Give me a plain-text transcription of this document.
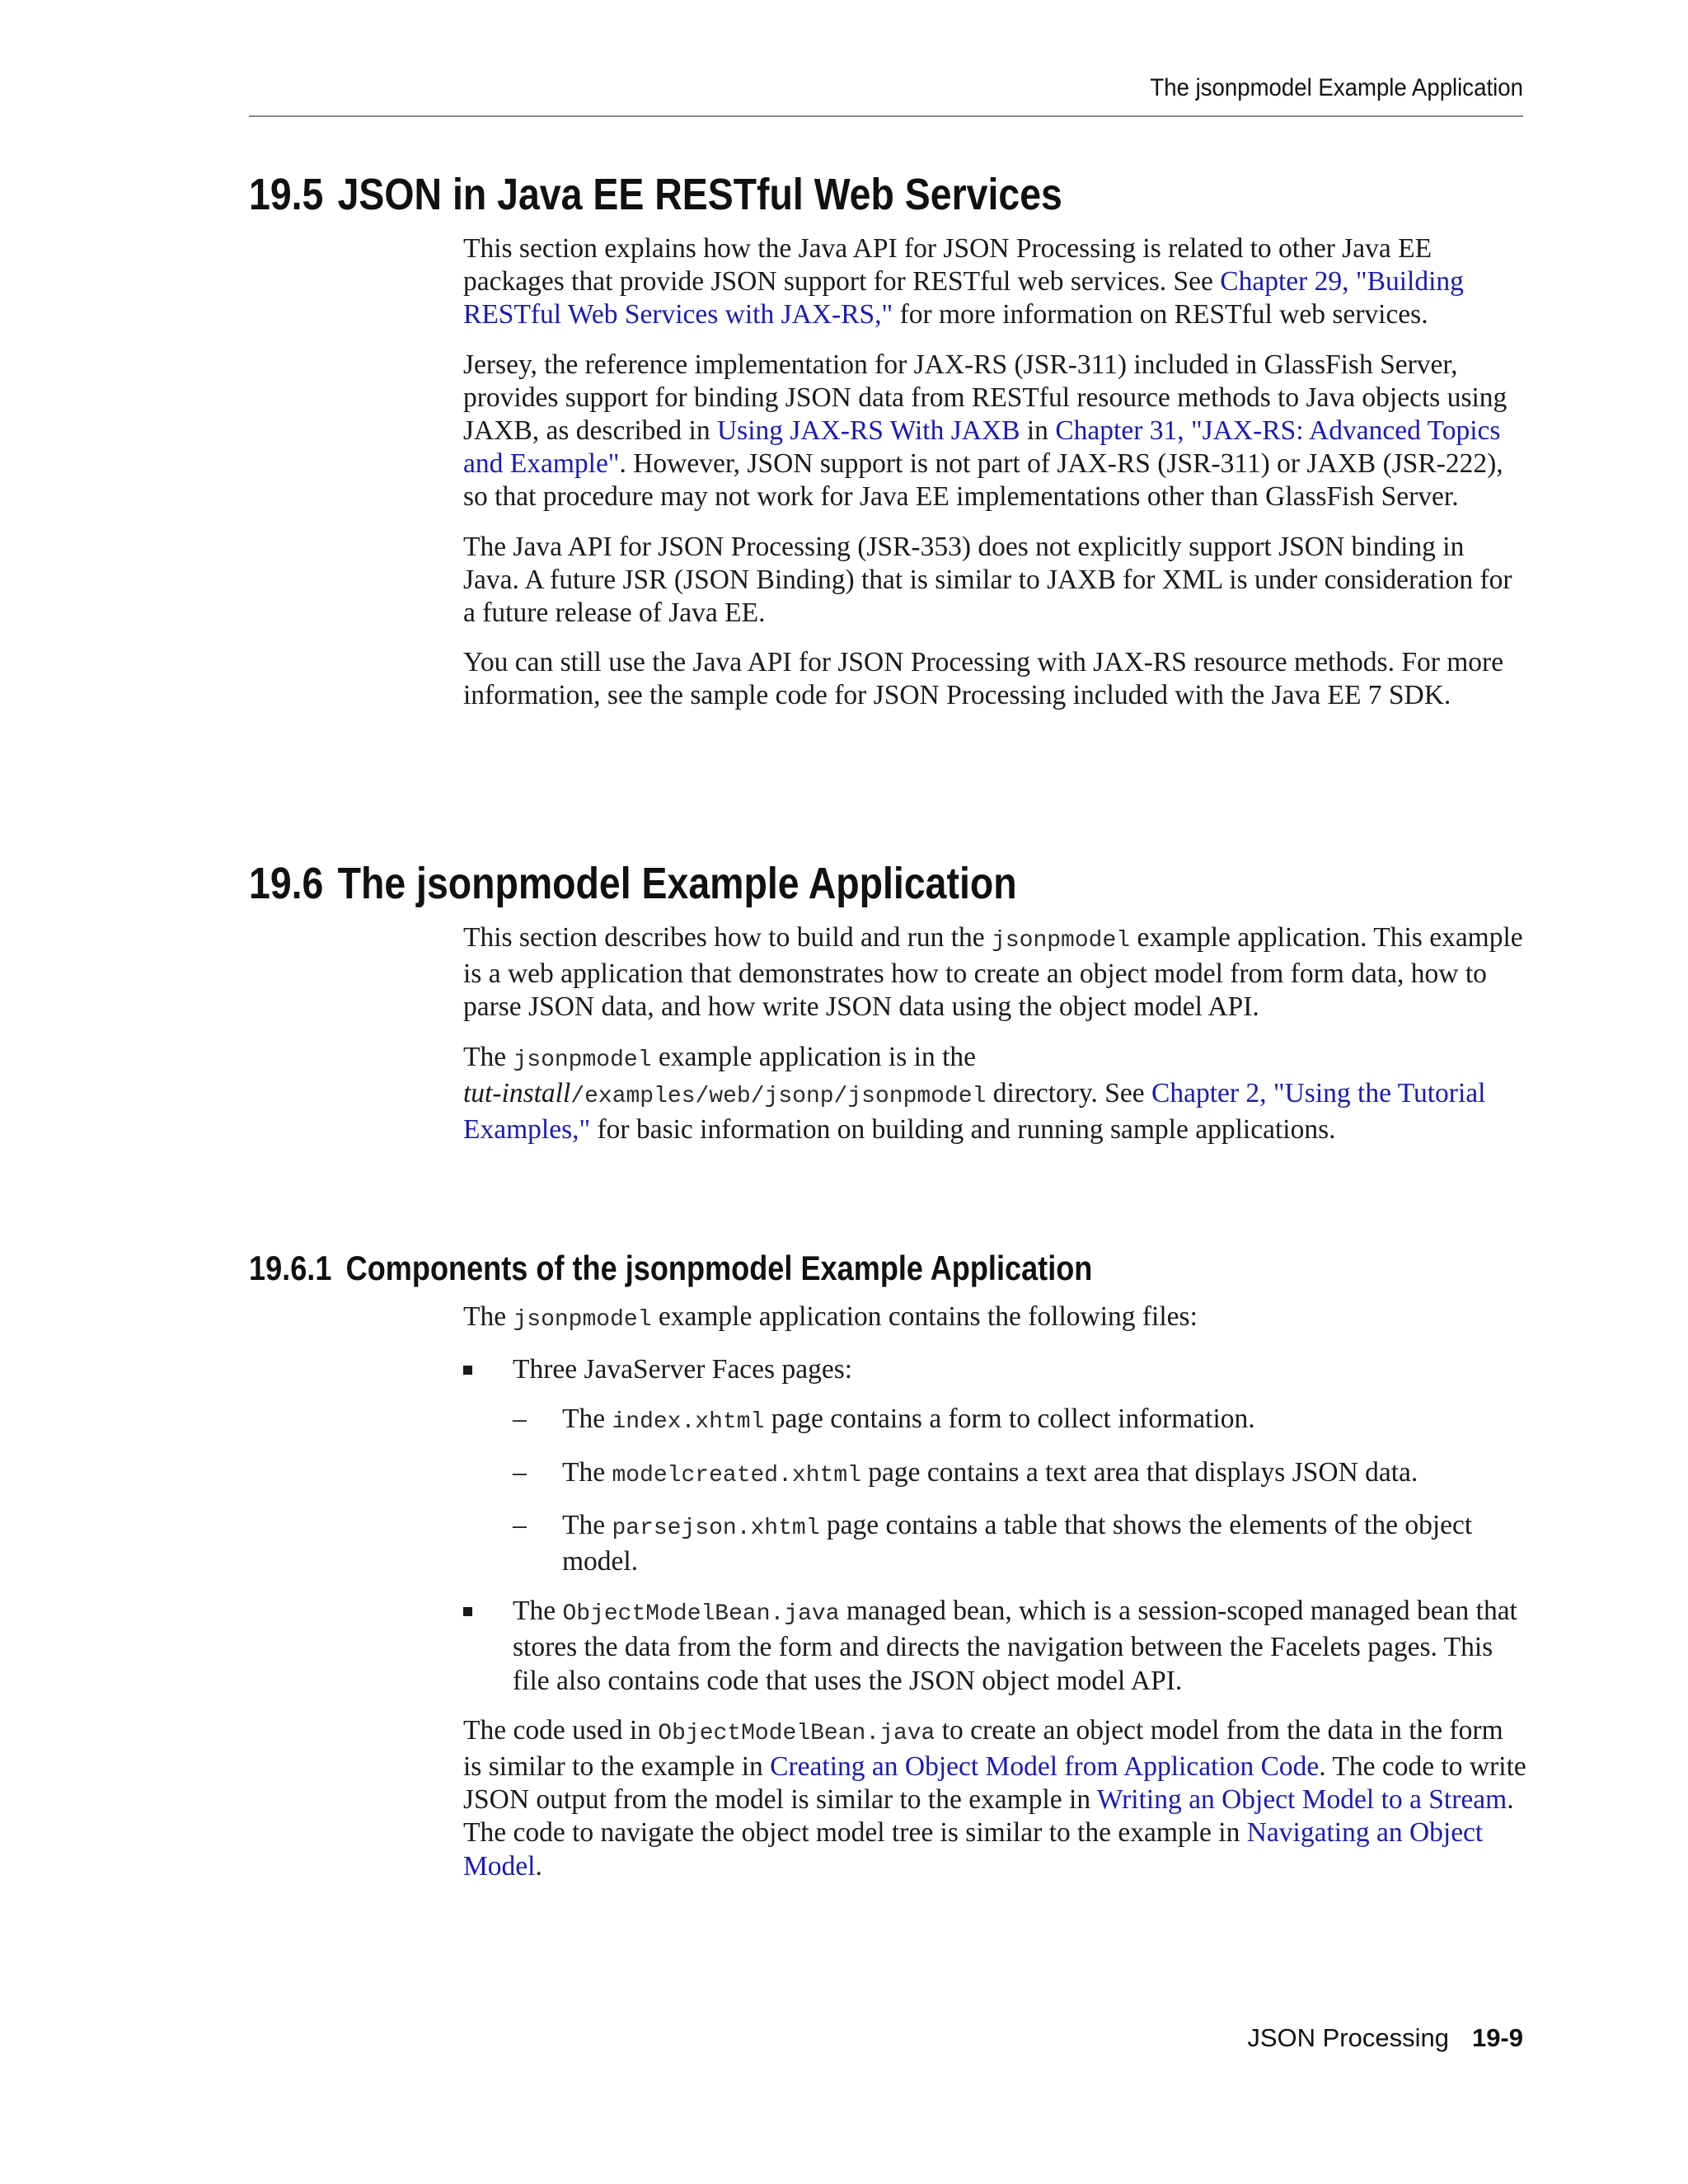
The jsonpmodel Example Application
19.5 JSON in Java EE RESTful Web Services

This section explains how the Java API for JSON Processing is related to other Java EE packages that provide JSON support for RESTful web services. See Chapter 29, "Building RESTful Web Services with JAX-RS," for more information on RESTful web services.

Jersey, the reference implementation for JAX-RS (JSR-311) included in GlassFish Server, provides support for binding JSON data from RESTful resource methods to Java objects using JAXB, as described in Using JAX-RS With JAXB in Chapter 31, "JAX-RS: Advanced Topics and Example". However, JSON support is not part of JAX-RS (JSR-311) or JAXB (JSR-222), so that procedure may not work for Java EE implementations other than GlassFish Server.

The Java API for JSON Processing (JSR-353) does not explicitly support JSON binding in Java. A future JSR (JSON Binding) that is similar to JAXB for XML is under consideration for a future release of Java EE.

You can still use the Java API for JSON Processing with JAX-RS resource methods. For more information, see the sample code for JSON Processing included with the Java EE 7 SDK.

19.6 The jsonpmodel Example Application

This section describes how to build and run the jsonpmodel example application. This example is a web application that demonstrates how to create an object model from form data, how to parse JSON data, and how write JSON data using the object model API.

The jsonpmodel example application is in the
tut-install/examples/web/jsonp/jsonpmodel directory. See Chapter 2, "Using the Tutorial Examples," for basic information on building and running sample applications.

19.6.1 Components of the jsonpmodel Example Application

The jsonpmodel example application contains the following files:

Three JavaServer Faces pages:
– The index.xhtml page contains a form to collect information.
– The modelcreated.xhtml page contains a text area that displays JSON data.
– The parsejson.xhtml page contains a table that shows the elements of the object model.
The ObjectModelBean.java managed bean, which is a session-scoped managed bean that stores the data from the form and directs the navigation between the Facelets pages. This file also contains code that uses the JSON object model API.

The code used in ObjectModelBean.java to create an object model from the data in the form is similar to the example in Creating an Object Model from Application Code. The code to write JSON output from the model is similar to the example in Writing an Object Model to a Stream. The code to navigate the object model tree is similar to the example in Navigating an Object Model.

JSON Processing 19-9
